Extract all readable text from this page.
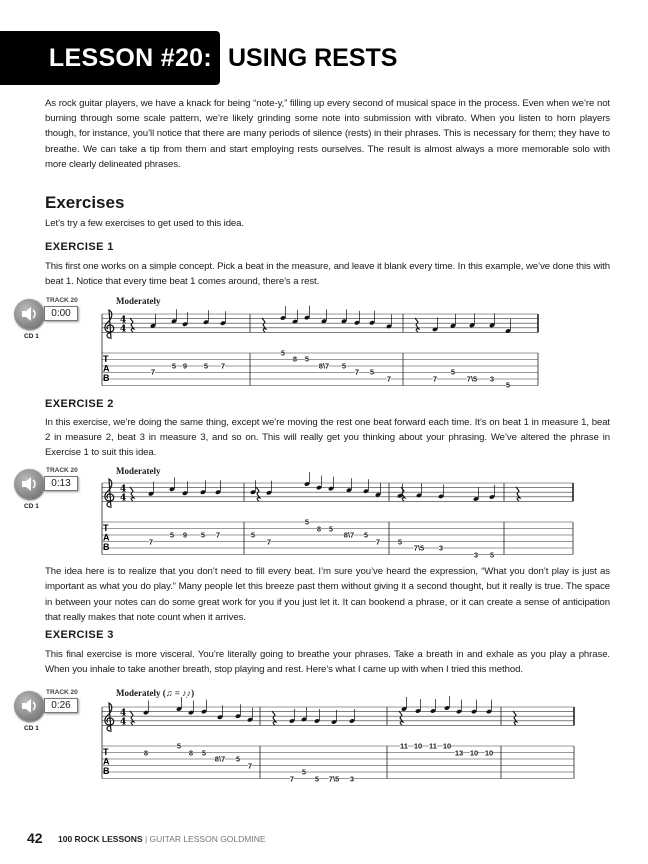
LESSON #20: USING RESTS

As rock guitar players, we have a knack for being “note-y,” filling up every second of musical space in the process. Even when we’re not burning through some scale pattern, we’re likely grinding some note into submission with vibrato. When you listen to horn players though, for instance, you’ll notice that there are many periods of silence (rests) in their phrases. This is necessary for them; they have to breathe. We can take a tip from them and start employing rests ourselves. The result is almost always a more memorable solo with more clearly delineated phrases.

Exercises

Let’s try a few exercises to get used to this idea.

EXERCISE 1

This first one works on a simple concept. Pick a beat in the measure, and leave it blank every time. In this example, we’ve done this with beat 1. Notice that every time beat 1 comes around, there’s a rest.

TRACK 20
0:00
CD 1
Moderately
4
4
T
A
B
7
5 9 5 7
5
8 5
8\7 5
7 5
7	7
5
7\5 3
5
EXERCISE 2

In this exercise, we’re doing the same thing, except we’re moving the rest one beat forward each time. It’s on beat 1 in measure 1, beat 2 in measure 2, beat 3 in measure 3, and so on. This will really get you thinking about your phrasing. We’ve altered the phrase in Exercise 1 to suit this idea.

TRACK 20
0:13
CD 1
Moderately
4
4
T
A
B
7
5 9 5 7	5
7
5
8 5
8\7 5
7 5
7\5 3
3 5

The idea here is to realize that you don’t need to fill every beat. I’m sure you’ve heard the expression, “What you don’t play is just as important as what you do play.” Many people let this breeze past them without giving it a second thought, but it really is true. The space in between your notes can do some great work for you if you just let it. It can bookend a phrase, or it can create a sense of anticipation that really makes that note count when it arrives.

EXERCISE 3

This final exercise is more visceral. You’re literally going to breathe your phrases. Take a breath in and exhale as you play a phrase. When you inhale to take another breath, stop playing and rest. Here’s what I came up with when I tried this method.

TRACK 20
0:26
CD 1
Moderately (♫ = ♪̩♪)
4
4
T
A
B
8
5
8 5
8\7 5
7
7
5
5 7\5 3
11 10 11 10
13 10 10
42 100 ROCK LESSONS | GUITAR LESSON GOLDMINE
